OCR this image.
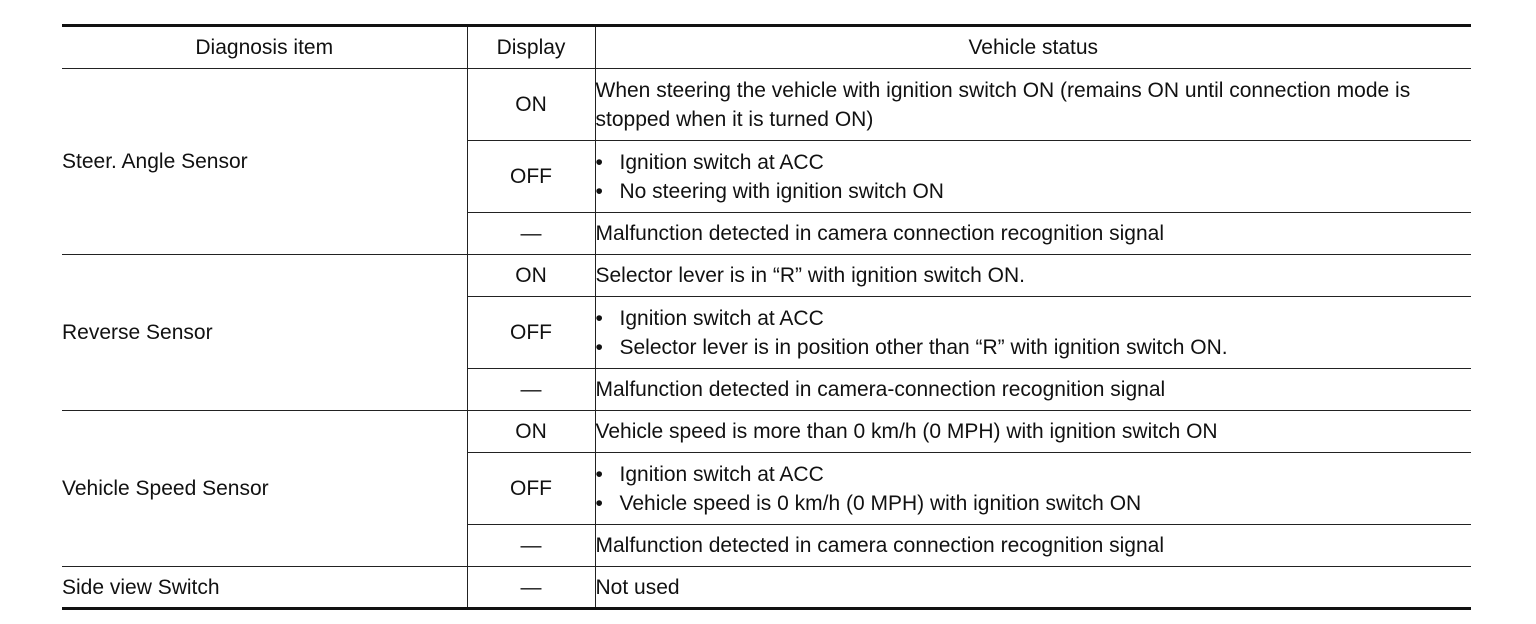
Diagnosis item	Display	Vehicle status
Steer. Angle Sensor	ON	When steering the vehicle with ignition switch ON (remains ON until connection mode is stopped when it is turned ON)
	OFF	• Ignition switch at ACC
• No steering with ignition switch ON

	—	Malfunction detected in camera connection recognition signal
Reverse Sensor	ON	Selector lever is in “R” with ignition switch ON.
	OFF	• Ignition switch at ACC
• Selector lever is in position other than “R” with ignition switch ON.

	—	Malfunction detected in camera-connection recognition signal
Vehicle Speed Sensor	ON	Vehicle speed is more than 0 km/h (0 MPH) with ignition switch ON
	OFF	• Ignition switch at ACC
• Vehicle speed is 0 km/h (0 MPH) with ignition switch ON

	—	Malfunction detected in camera connection recognition signal
Side view Switch	—	Not used
